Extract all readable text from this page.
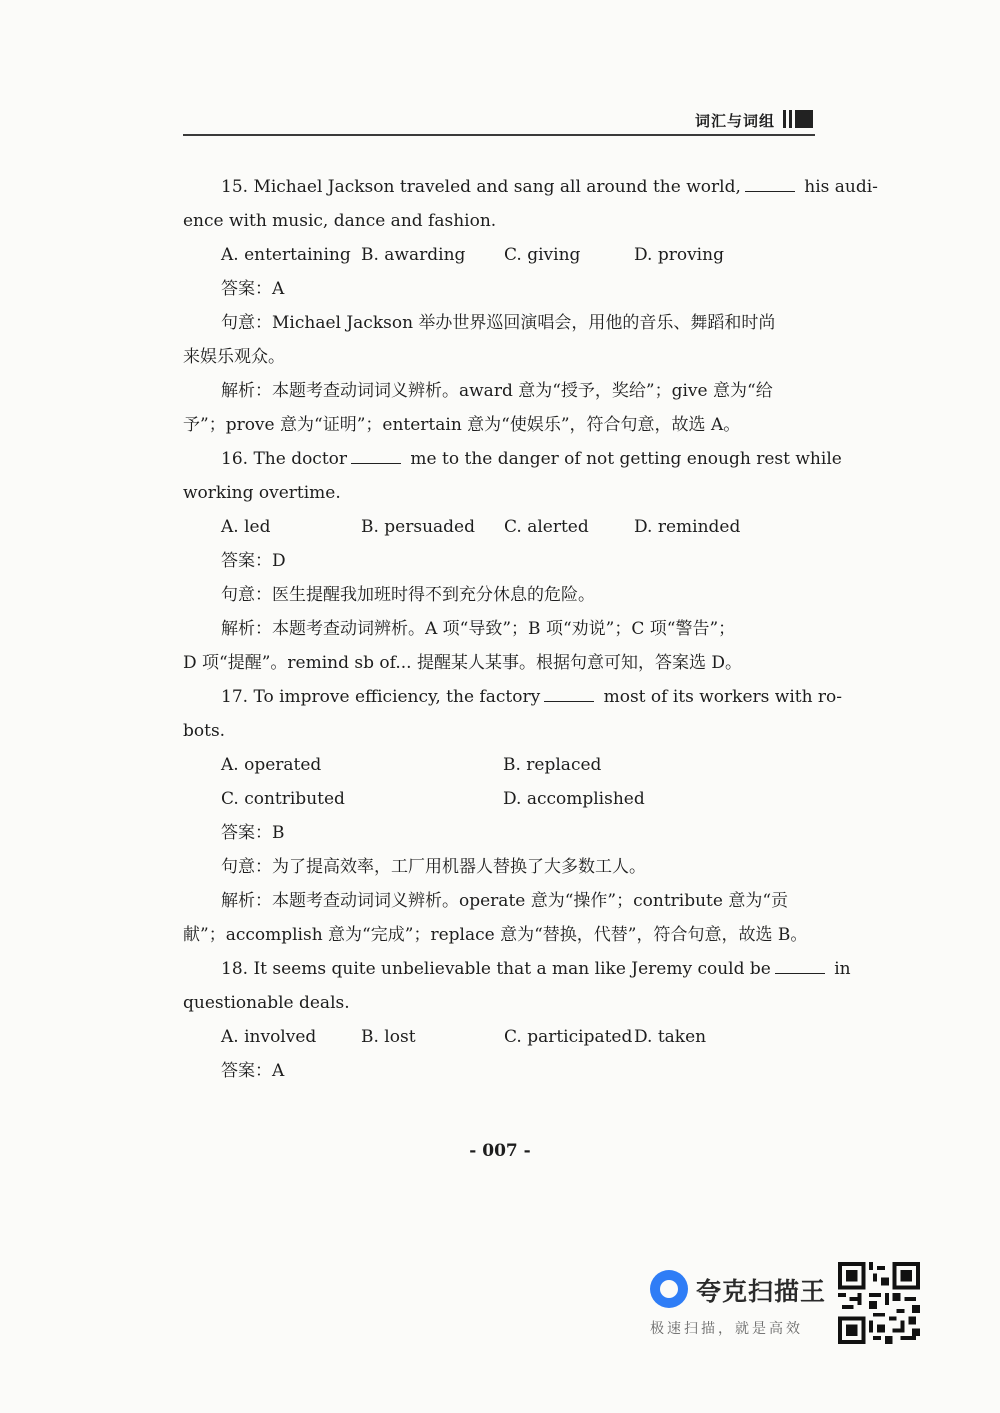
词汇与词组
15. Michael Jackson traveled and sang all around the world,	his audi-
ence with music, dance and fashion.
A. entertaining B. awarding	C. giving	D. proving
答案：A
句意：Michael Jackson 举办世界巡回演唱会，用他的音乐、舞蹈和时尚
来娱乐观众。
解析：本题考查动词词义辨析。award 意为“授予，奖给”；give 意为“给
予”；prove 意为“证明”；entertain 意为“使娱乐”，符合句意，故选 A。
16. The doctor	me to the danger of not getting enough rest while
working overtime.
A. led	B. persuaded	C. alerted	D. reminded
答案：D
句意：医生提醒我加班时得不到充分休息的危险。
解析：本题考查动词辨析。A 项“导致”；B 项“劝说”；C 项“警告”；
D 项“提醒”。remind sb of... 提醒某人某事。根据句意可知，答案选 D。
17. To improve efficiency, the factory	most of its workers with ro-
bots.
A. operated	B. replaced
C. contributed	D. accomplished
答案：B
句意：为了提高效率，工厂用机器人替换了大多数工人。
解析：本题考查动词词义辨析。operate 意为“操作”；contribute 意为“贡
献”；accomplish 意为“完成”；replace 意为“替换，代替”，符合句意，故选 B。
18. It seems quite unbelievable that a man like Jeremy could be	in
questionable deals.
A. involved	B. lost	C. participated D. taken
答案：A
- 007 -
夸克扫描王
极速扫描，就是高效
